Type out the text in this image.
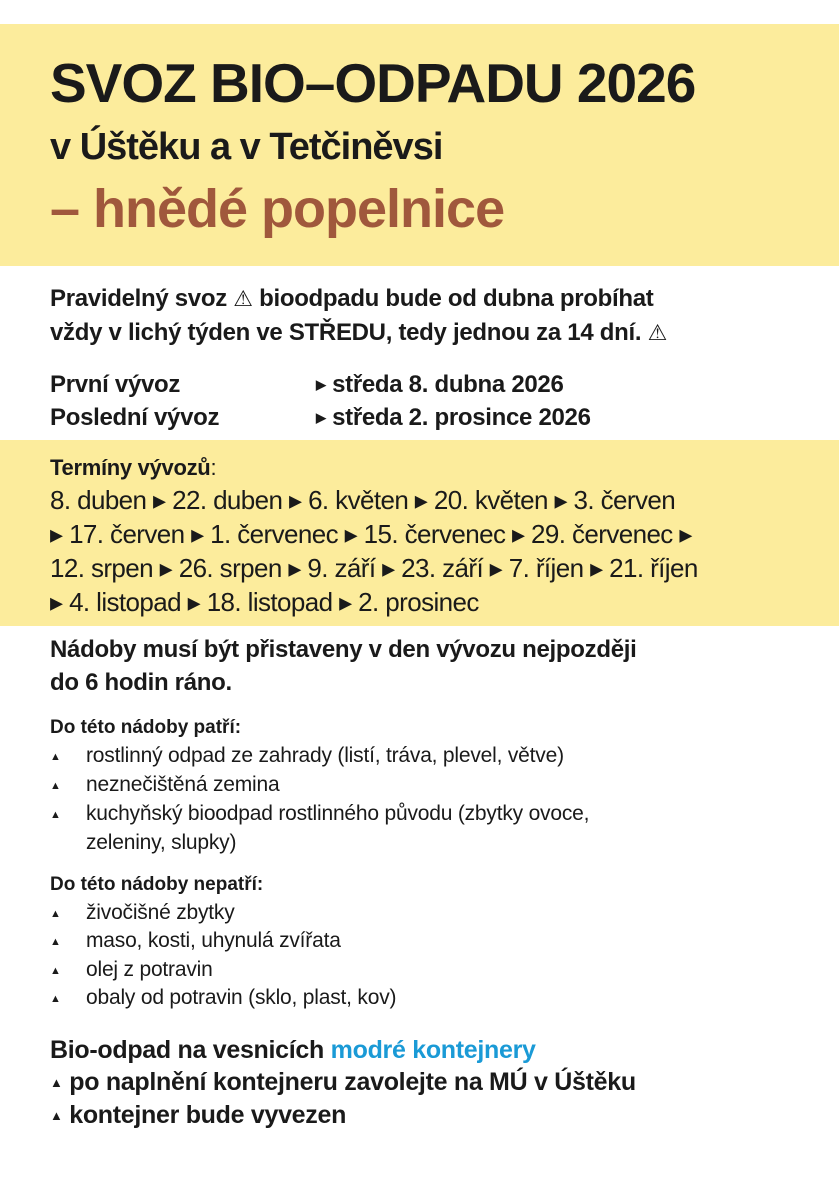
SVOZ BIO–ODPADU 2026
v Úštěku a v Tetčiněvsi
– hnědé popelnice
Pravidelný svoz ⚠ bioodpadu bude od dubna probíhat
vždy v lichý týden ve STŘEDU, tedy jednou za 14 dní. ⚠
První vývoz	▶ středa 8. dubna 2026
Poslední vývoz	▶ středa 2. prosince 2026
Termíny vývozů:
8. duben ▸ 22. duben ▸ 6. květen ▸ 20. květen ▸ 3. červen
▸ 17. červen ▸ 1. červenec ▸ 15. červenec ▸ 29. červenec ▸
12. srpen ▸ 26. srpen ▸ 9. září ▸ 23. září ▸ 7. říjen ▸ 21. říjen
▸ 4. listopad ▸ 18. listopad ▸ 2. prosinec
Nádoby musí být přistaveny v den vývozu nejpozději
do 6 hodin ráno.
Do této nádoby patří:
▲ rostlinný odpad ze zahrady (listí, tráva, plevel, větve)
▲ neznečištěná zemina
▲ kuchyňský bioodpad rostlinného původu (zbytky ovoce,
zeleniny, slupky)
Do této nádoby nepatří:
▲ živočišné zbytky
▲ maso, kosti, uhynulá zvířata
▲ olej z potravin
▲ obaly od potravin (sklo, plast, kov)
Bio-odpad na vesnicích modré kontejnery
▲ po naplnění kontejneru zavolejte na MÚ v Úštěku
▲ kontejner bude vyvezen
